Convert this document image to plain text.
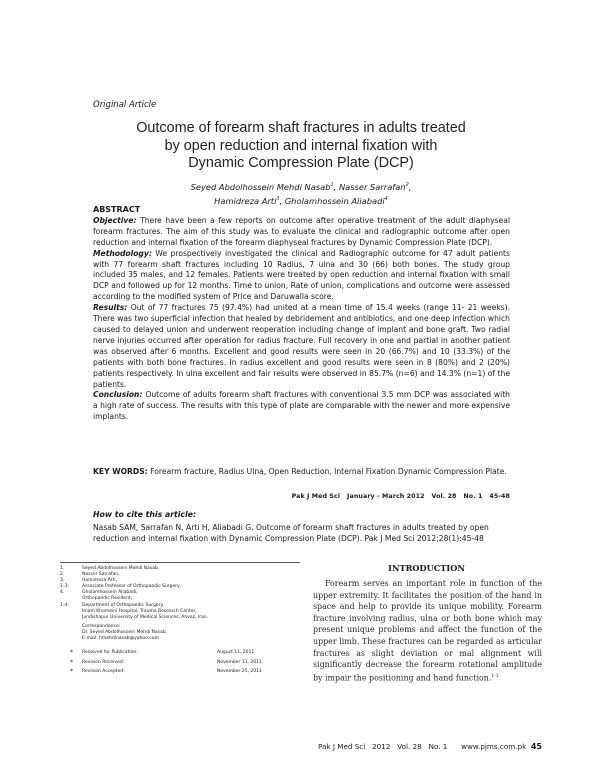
Original Article
Outcome of forearm shaft fractures in adults treated
by open reduction and internal fixation with
Dynamic Compression Plate (DCP)
Seyed Abdolhossein Mehdi Nasab$^1$, Nasser Sarrafan$^2$,
Hamidreza Arti$^3$, Gholamhossein Aliabadi$^4$
ABSTRACT

Objective: There have been a few reports on outcome after operative treatment of the adult diaphyseal forearm fractures. The aim of this study was to evaluate the clinical and radiographic outcome after open reduction and internal fixation of the forearm diaphyseal fractures by Dynamic Compression Plate (DCP).

Methodology: We prospectively investigated the clinical and Radiographic outcome for 47 adult patients with 77 forearm shaft fractures including 10 Radius, 7 ulna and 30 (66) both bones. The study group included 35 males, and 12 females. Patients were treated by open reduction and internal fixation with small DCP and followed up for 12 months. Time to union, Rate of union, complications and outcome were assessed according to the modified system of Price and Daruwalla score.

Results: Out of 77 fractures 75 (97.4%) had united at a mean time of 15.4 weeks (range 11- 21 weeks). There was two superficial infection that healed by debridement and antibiotics, and one deep infection which caused to delayed union and underwent reoperation including change of implant and bone graft. Two radial nerve injuries occurred after operation for radius fracture. Full recovery in one and partial in another patient was observed after 6 months. Excellent and good results were seen in 20 (66.7%) and 10 (33.3%) of the patients with both bone fractures. In radius excellent and good results were seen in 8 (80%) and 2 (20%) patients respectively. In ulna excellent and fair results were observed in 85.7% (n=6) and 14.3% (n=1) of the patients.

Conclusion: Outcome of adults forearm shaft fractures with conventional 3.5 mm DCP was associated with a high rate of success. The results with this type of plate are comparable with the newer and more expensive implants.

KEY WORDS: Forearm fracture, Radius Ulna, Open Reduction, Internal Fixation Dynamic Compression Plate.
Pak J Med Sci   January - March 2012   Vol. 28   No. 1   45-48
How to cite this article:
Nasab SAM, Sarrafan N, Arti H, Aliabadi G. Outcome of forearm shaft fractures in adults treated by open reduction and internal fixation with Dynamic Compression Plate (DCP). Pak J Med Sci 2012;28(1):45-48
1.	Seyed Abdolhossein Mehdi Nasab,
2.	Nasser Sarrafan,
3.	Hamidreza Arti,
1-3:	Associate Professor of Orthopaedic Surgery,
4.	Gholamhossein Aliabadi,
Orthopaedic Resident,
1-4:	Department of Orthopaedic Surgery,
Imam Khomeini Hospital, Trauma Research Center,
Jundishapur University of Medical Sciences, Ahvaz, Iran.
Correspondence:
Dr. Seyed Abdolhossein Mehdi Nasab,
E-mail: hmehdinasab@yahoo.com
*	Received for Publication:	August 11, 2011
*	Revision Received:	November 11, 2011
*	Revision Accepted:	November 25, 2011
INTRODUCTION
Forearm serves an important role in function of the upper extremity. It facilitates the position of the hand in space and help to provide its unique mobility. Forearm fracture involving radius, ulna or both bone which may present unique problems and affect the function of the upper limb. These fractures can be regarded as articular fractures as slight deviation or mal alignment will significantly decrease the forearm rotational amplitude by impair the positioning and hand function.$^{1-3}$
Pak J Med Sci   2012   Vol. 28   No. 1      www.pjms.com.pk 45
